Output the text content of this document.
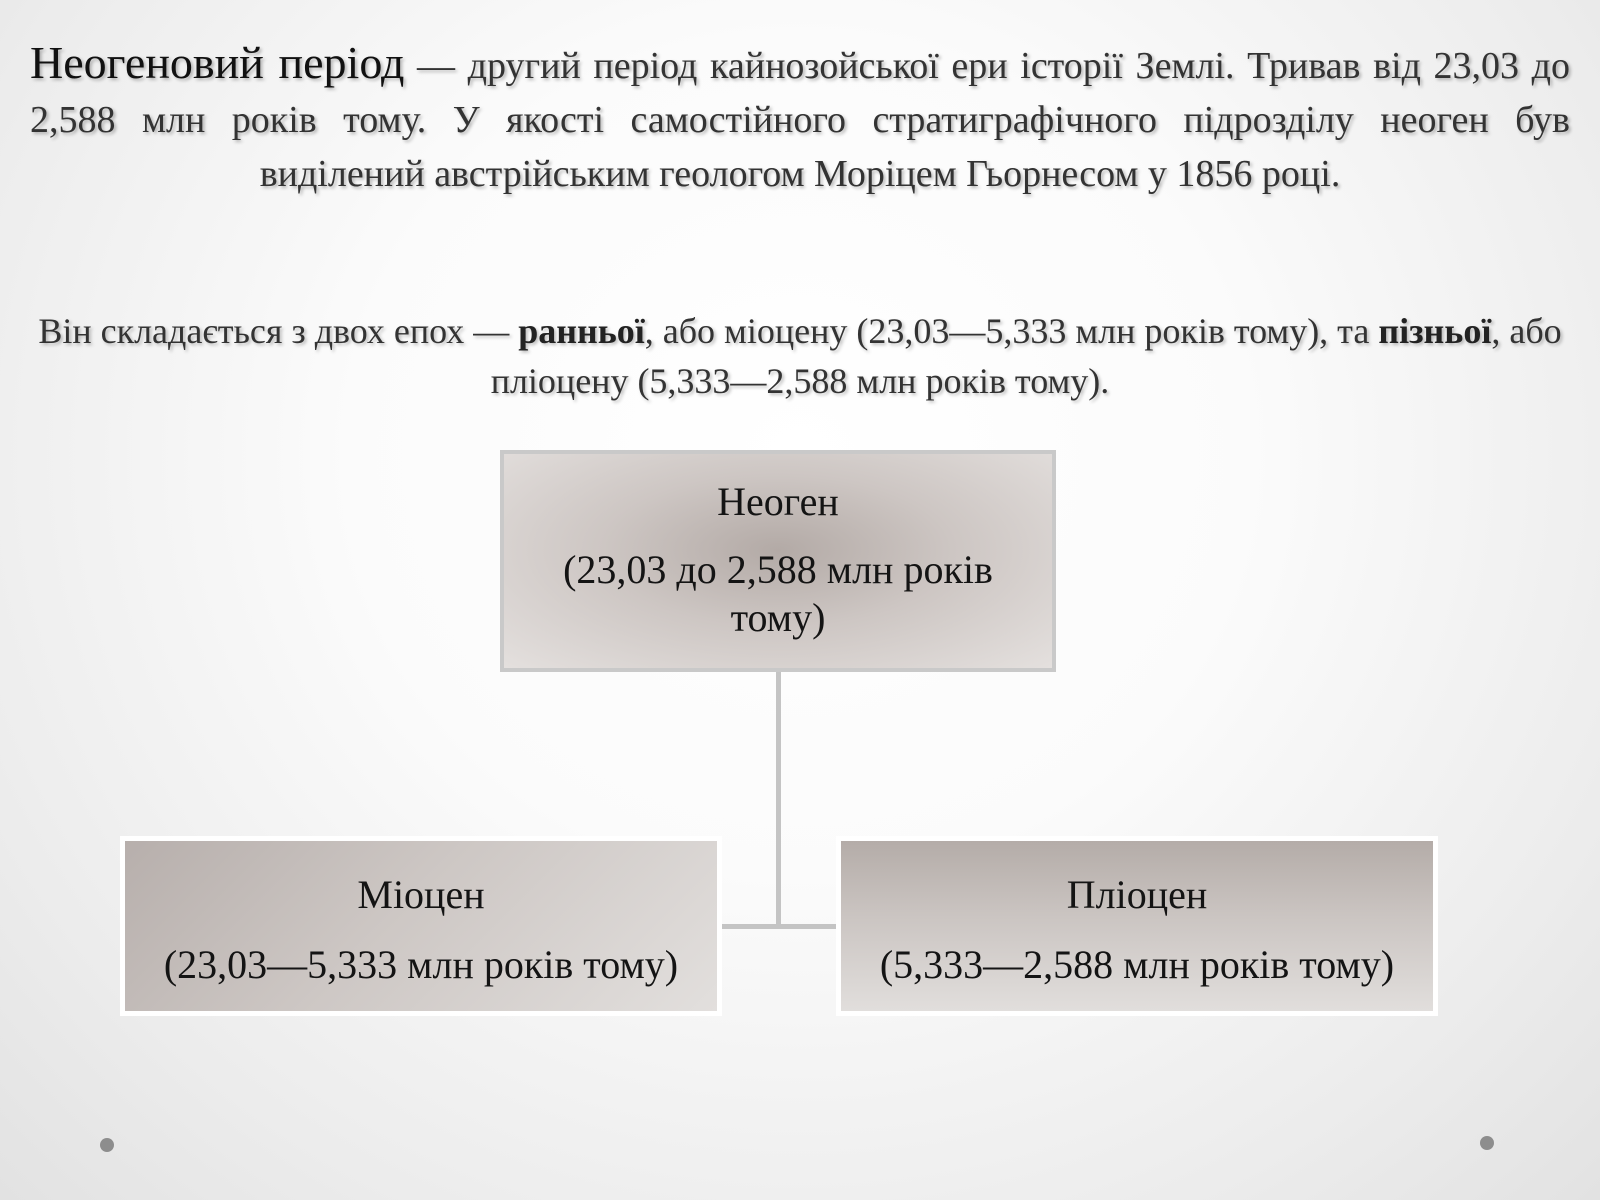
Неогеновий період — другий період кайнозойської ери історії Землі. Тривав від 23,03 до 2,588 млн років тому. У якості самостійного стратиграфічного підрозділу неоген був виділений австрійським геологом Моріцем Гьорнесом у 1856 році.

Він складається з двох епох — ранньої, або міоцену (23,03—5,333 млн років тому), та пізньої, або пліоцену (5,333—2,588 млн років тому).

Неоген
(23,03 до 2,588 млн років тому)
Міоцен
(23,03—5,333 млн років тому)
Пліоцен
(5,333—2,588 млн років тому)
